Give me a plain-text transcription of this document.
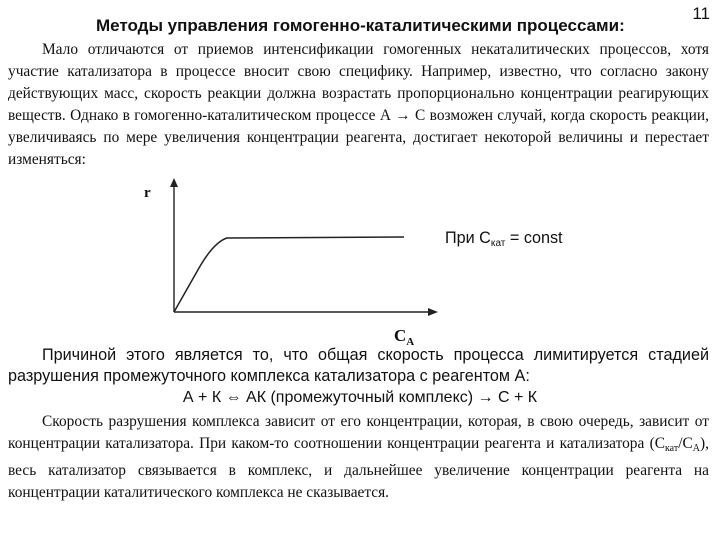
11
Методы управления гомогенно-каталитическими процессами:

Мало отличаются от приемов интенсификации гомогенных некаталитических процессов, хотя участие катализатора в процессе вносит свою специфику. Например, известно, что согласно закону действующих масс, скорость реакции должна возрастать пропорционально концентрации реагирующих веществ. Однако в гомогенно-каталитическом процессе А → С возможен случай, когда скорость реакции, увеличиваясь по мере увеличения концентрации реагента, достигает некоторой величины и перестает изменяться:

r
$C_A$
При $С_{кат}$ = const

Причиной этого является то, что общая скорость процесса лимитируется стадией разрушения промежуточного комплекса катализатора с реагентом А:

А + К ⇔ АК (промежуточный комплекс) → С + К

Скорость разрушения комплекса зависит от его концентрации, которая, в свою очередь, зависит от концентрации катализатора. При каком-то соотношении концентрации реагента и катализатора $(С_{кат}/С_А)$, весь катализатор связывается в комплекс, и дальнейшее увеличение концентрации реагента на концентрации каталитического комплекса не сказывается.
